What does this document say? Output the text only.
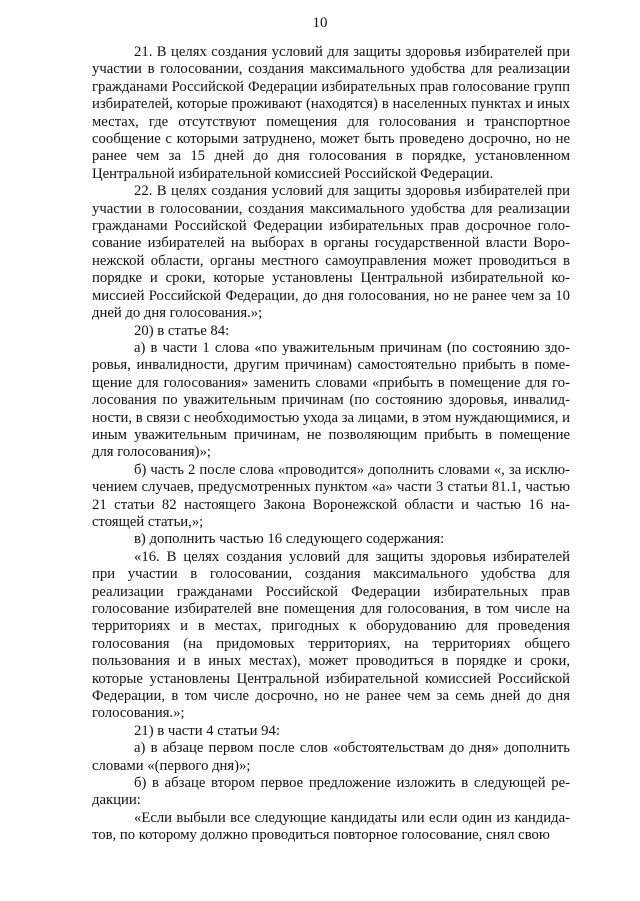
10

21. В целях создания условий для защиты здоровья избирателей при участии в голосовании, создания максимального удобства для реализации гражданами Российской Федерации избирательных прав голосование групп избирателей, которые проживают (находятся) в населенных пунктах и иных местах, где отсутствуют помещения для голосования и транспортное сообщение с которыми затруднено, может быть проведено досрочно, но не ранее чем за 15 дней до дня голосования в порядке, установленном Центральной избирательной комиссией Российской Федерации.

22. В целях создания условий для защиты здоровья избирателей при участии в голосовании, создания максимального удобства для реализации гражданами Российской Федерации избирательных прав досрочное голосование избирателей на выборах в органы государственной власти Воронежской области, органы местного самоуправления может проводиться в порядке и сроки, которые установлены Центральной избирательной комиссией Российской Федерации, до дня голосования, но не ранее чем за 10 дней до дня голосования.»;

20) в статье 84:

а) в части 1 слова «по уважительным причинам (по состоянию здоровья, инвалидности, другим причинам) самостоятельно прибыть в помещение для голосования» заменить словами «прибыть в помещение для голосования по уважительным причинам (по состоянию здоровья, инвалидности, в связи с необходимостью ухода за лицами, в этом нуждающимися, и иным уважительным причинам, не позволяющим прибыть в помещение для голосования)»;

б) часть 2 после слова «проводится» дополнить словами «, за исключением случаев, предусмотренных пунктом «а» части 3 статьи 81.1, частью 21 статьи 82 настоящего Закона Воронежской области и частью 16 настоящей статьи,»;

в) дополнить частью 16 следующего содержания:

«16. В целях создания условий для защиты здоровья избирателей при участии в голосовании, создания максимального удобства для реализации гражданами Российской Федерации избирательных прав голосование избирателей вне помещения для голосования, в том числе на территориях и в местах, пригодных к оборудованию для проведения голосования (на придомовых территориях, на территориях общего пользования и в иных местах), может проводиться в порядке и сроки, которые установлены Центральной избирательной комиссией Российской Федерации, в том числе досрочно, но не ранее чем за семь дней до дня голосования.»;

21) в части 4 статьи 94:

а) в абзаце первом после слов «обстоятельствам до дня» дополнить словами «(первого дня)»;

б) в абзаце втором первое предложение изложить в следующей редакции:

«Если выбыли все следующие кандидаты или если один из кандидатов, по которому должно проводиться повторное голосование, снял свою
